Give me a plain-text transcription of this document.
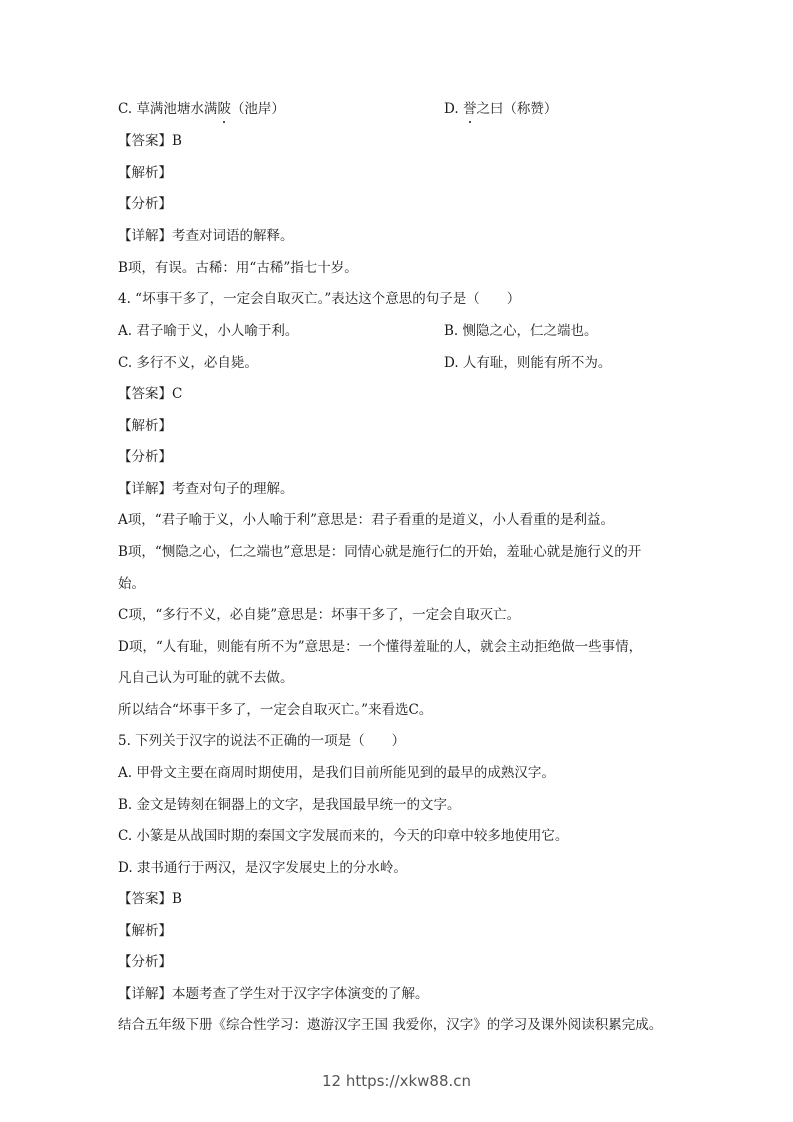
C. 草满池塘水满陂（池岸）	D. 誉之曰（称赞）
【答案】B
【解析】
【分析】
【详解】考查对词语的解释。
B项，有误。古稀：用“古稀”指七十岁。
4. “坏事干多了，一定会自取灭亡。”表达这个意思的句子是（　　）
A. 君子喻于义，小人喻于利。	B. 恻隐之心，仁之端也。
C. 多行不义，必自毙。	D. 人有耻，则能有所不为。
【答案】C
【解析】
【分析】
【详解】考查对句子的理解。
A项，“君子喻于义，小人喻于利”意思是：君子看重的是道义，小人看重的是利益。
B项，“恻隐之心，仁之端也”意思是：同情心就是施行仁的开始，羞耻心就是施行义的开
始。
C项，“多行不义，必自毙”意思是：坏事干多了，一定会自取灭亡。
D项，“人有耻，则能有所不为”意思是：一个懂得羞耻的人，就会主动拒绝做一些事情，
凡自己认为可耻的就不去做。
所以结合“坏事干多了，一定会自取灭亡。”来看选C。
5. 下列关于汉字的说法不正确的一项是（　　）
A. 甲骨文主要在商周时期使用，是我们目前所能见到的最早的成熟汉字。
B. 金文是铸刻在铜器上的文字，是我国最早统一的文字。
C. 小篆是从战国时期的秦国文字发展而来的，今天的印章中较多地使用它。
D. 隶书通行于两汉，是汉字发展史上的分水岭。
【答案】B
【解析】
【分析】
【详解】本题考查了学生对于汉字字体演变的了解。
结合五年级下册《综合性学习：遨游汉字王国 我爱你，汉字》的学习及课外阅读积累完成。
12 https://xkw88.cn
